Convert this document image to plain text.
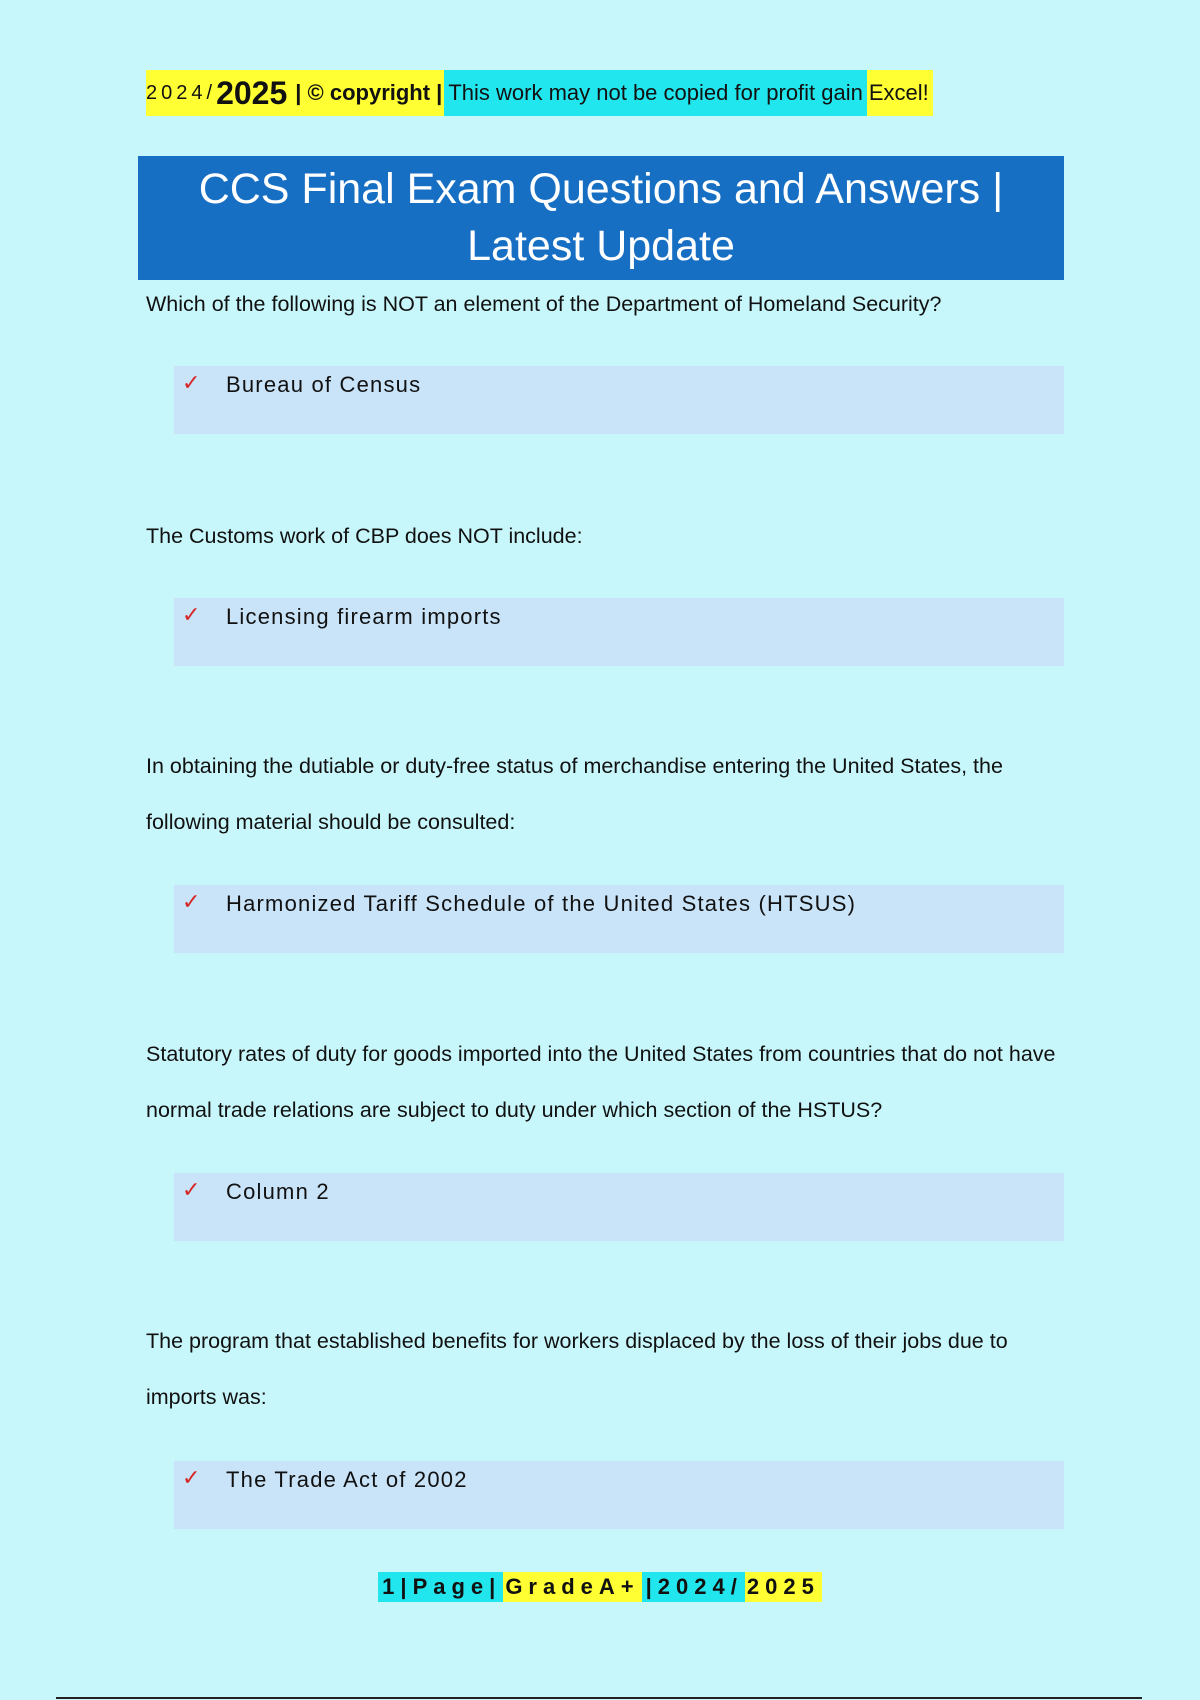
2024/ 2025 | © copyright | This work may not be copied for profit gain Excel!
CCS Final Exam Questions and Answers | Latest Update
Which of the following is NOT an element of the Department of Homeland Security?
✓ Bureau of Census
The Customs work of CBP does NOT include:
✓ Licensing firearm imports
In obtaining the dutiable or duty-free status of merchandise entering the United States, the following material should be consulted:
✓ Harmonized Tariff Schedule of the United States (HTSUS)
Statutory rates of duty for goods imported into the United States from countries that do not have normal trade relations are subject to duty under which section of the HSTUS?
✓ Column 2
The program that established benefits for workers displaced by the loss of their jobs due to imports was:
✓ The Trade Act of 2002
1|Page| GradeA+ |2024/ 2025
